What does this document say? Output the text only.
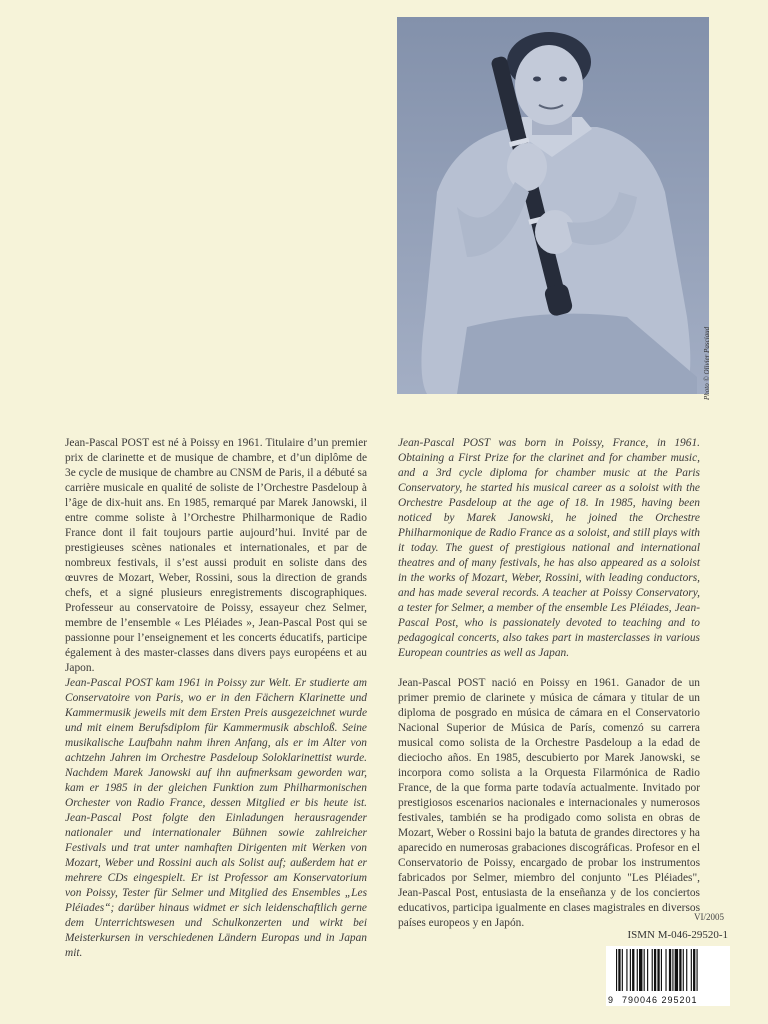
Photo © Olivier Pasciaud

Jean-Pascal POST est né à Poissy en 1961. Titulaire d’un premier prix de clarinette et de musique de chambre, et d’un diplôme de 3e cycle de musique de chambre au CNSM de Paris, il a débuté sa carrière musicale en qualité de soliste de l’Orchestre Pasdeloup à l’âge de dix-huit ans. En 1985, remarqué par Marek Janowski, il entre comme soliste à l’Orchestre Philharmonique de Radio France dont il fait toujours partie aujourd’hui. Invité par de prestigieuses scènes nationales et internationales, et par de nombreux festivals, il s’est aussi produit en soliste dans des œuvres de Mozart, Weber, Rossini, sous la direction de grands chefs, et a signé plusieurs enregistrements discographiques. Professeur au conservatoire de Poissy, essayeur chez Selmer, membre de l’ensemble « Les Pléiades », Jean-Pascal Post qui se passionne pour l’enseignement et les concerts éducatifs, participe également à des master-classes dans divers pays européens et au Japon.

Jean-Pascal POST was born in Poissy, France, in 1961. Obtaining a First Prize for the clarinet and for chamber music, and a 3rd cycle diploma for chamber music at the Paris Conservatory, he started his musical career as a soloist with the Orchestre Pasdeloup at the age of 18. In 1985, having been noticed by Marek Janowski, he joined the Orchestre Philharmonique de Radio France as a soloist, and still plays with it today. The guest of prestigious national and international theatres and of many festivals, he has also appeared as a soloist in the works of Mozart, Weber, Rossini, with leading conductors, and has made several records. A teacher at Poissy Conservatory, a tester for Selmer, a member of the ensemble Les Pléiades, Jean-Pascal Post, who is passionately devoted to teaching and to pedagogical concerts, also takes part in masterclasses in various European countries as well as Japan.

Jean-Pascal POST kam 1961 in Poissy zur Welt. Er studierte am Conservatoire von Paris, wo er in den Fächern Klarinette und Kammermusik jeweils mit dem Ersten Preis ausgezeichnet wurde und mit einem Berufsdiplom für Kammermusik abschloß. Seine musikalische Laufbahn nahm ihren Anfang, als er im Alter von achtzehn Jahren im Orchestre Pasdeloup Soloklarinettist wurde. Nachdem Marek Janowski auf ihn aufmerksam geworden war, kam er 1985 in der gleichen Funktion zum Philharmonischen Orchester von Radio France, dessen Mitglied er bis heute ist. Jean-Pascal Post folgte den Einladungen herausragender nationaler und internationaler Bühnen sowie zahlreicher Festivals und trat unter namhaften Dirigenten mit Werken von Mozart, Weber und Rossini auch als Solist auf; außerdem hat er mehrere CDs eingespielt. Er ist Professor am Konservatorium von Poissy, Tester für Selmer und Mitglied des Ensembles „Les Pléiades“; darüber hinaus widmet er sich leidenschaftlich gerne dem Unterrichtswesen und Schulkonzerten und wirkt bei Meisterkursen in verschiedenen Ländern Europas und in Japan mit.

Jean-Pascal POST nació en Poissy en 1961. Ganador de un primer premio de clarinete y música de cámara y titular de un diploma de posgrado en música de cámara en el Conservatorio Nacional Superior de Música de París, comenzó su carrera musical como solista de la Orchestre Pasdeloup a la edad de dieciocho años. En 1985, descubierto por Marek Janowski, se incorpora como solista a la Orquesta Filarmónica de Radio France, de la que forma parte todavía actualmente. Invitado por prestigiosos escenarios nacionales e internacionales y numerosos festivales, también se ha prodigado como solista en obras de Mozart, Weber o Rossini bajo la batuta de grandes directores y ha aparecido en numerosas grabaciones discográficas. Profesor en el Conservatorio de Poissy, encargado de probar los instrumentos fabricados por Selmer, miembro del conjunto "Les Pléiades", Jean-Pascal Post, entusiasta de la enseñanza y de los conciertos educativos, participa igualmente en clases magistrales en diversos países europeos y en Japón.	VI/2005
ISMN M-046-29520-1
9 790046 295201
